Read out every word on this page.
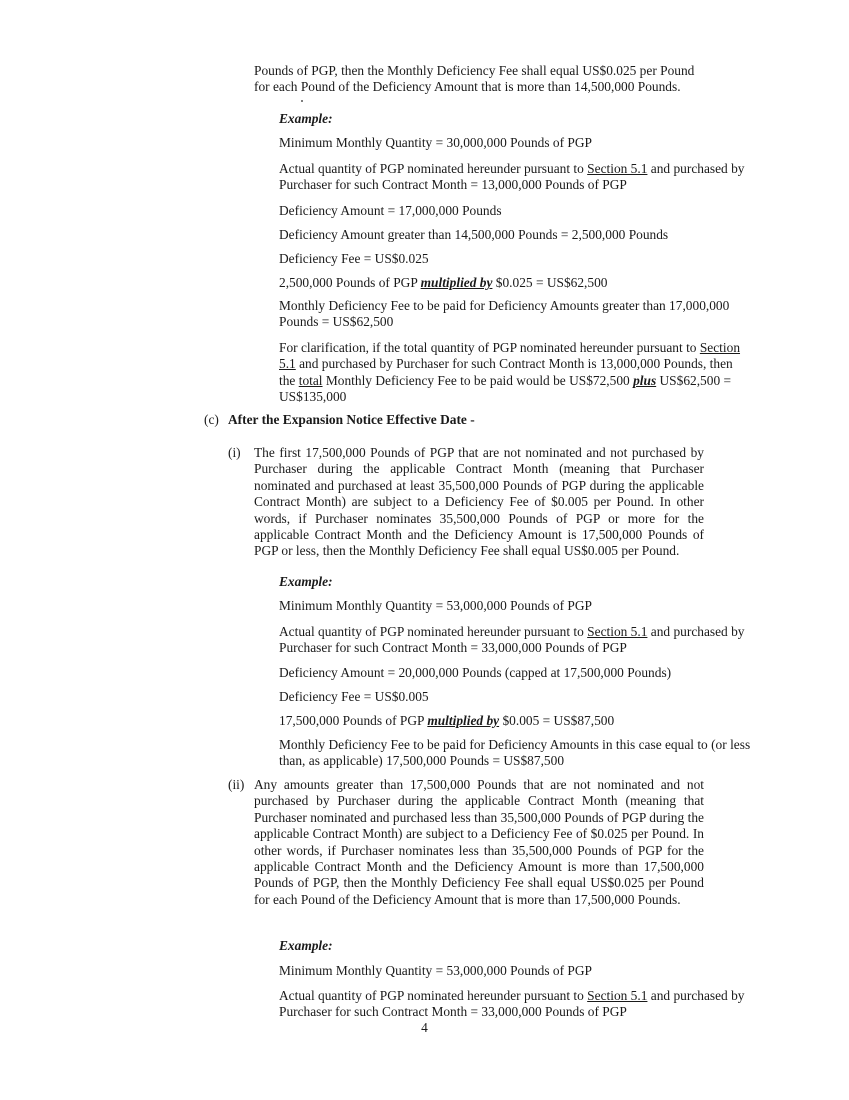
Pounds of PGP, then the Monthly Deficiency Fee shall equal US$0.025 per Pound

for each Pound of the Deficiency Amount that is more than 14,500,000 Pounds.

Example:
Minimum Monthly Quantity = 30,000,000 Pounds of PGP
Actual quantity of PGP nominated hereunder pursuant to Section 5.1 and purchased by Purchaser for such Contract Month = 13,000,000 Pounds of PGP
Deficiency Amount = 17,000,000 Pounds
Deficiency Amount greater than 14,500,000 Pounds = 2,500,000 Pounds
Deficiency Fee = US$0.025
2,500,000 Pounds of PGP multiplied by $0.025 = US$62,500
Monthly Deficiency Fee to be paid for Deficiency Amounts greater than 17,000,000 Pounds = US$62,500
For clarification, if the total quantity of PGP nominated hereunder pursuant to Section 5.1 and purchased by Purchaser for such Contract Month is 13,000,000 Pounds, then the total Monthly Deficiency Fee to be paid would be US$72,500 plus US$62,500 = US$135,000
(c) After the Expansion Notice Effective Date -
(i) The first 17,500,000 Pounds of PGP that are not nominated and not purchased by Purchaser during the applicable Contract Month (meaning that Purchaser nominated and purchased at least 35,500,000 Pounds of PGP during the applicable Contract Month) are subject to a Deficiency Fee of $0.005 per Pound. In other words, if Purchaser nominates 35,500,000 Pounds of PGP or more for the applicable Contract Month and the Deficiency Amount is 17,500,000 Pounds of PGP or less, then the Monthly Deficiency Fee shall equal US$0.005 per Pound.
Example:
Minimum Monthly Quantity = 53,000,000 Pounds of PGP
Actual quantity of PGP nominated hereunder pursuant to Section 5.1 and purchased by Purchaser for such Contract Month = 33,000,000 Pounds of PGP
Deficiency Amount = 20,000,000 Pounds (capped at 17,500,000 Pounds)
Deficiency Fee = US$0.005
17,500,000 Pounds of PGP multiplied by $0.005 = US$87,500
Monthly Deficiency Fee to be paid for Deficiency Amounts in this case equal to (or less than, as applicable) 17,500,000 Pounds = US$87,500
(ii) Any amounts greater than 17,500,000 Pounds that are not nominated and not purchased by Purchaser during the applicable Contract Month (meaning that Purchaser nominated and purchased less than 35,500,000 Pounds of PGP during the applicable Contract Month) are subject to a Deficiency Fee of $0.025 per Pound. In other words, if Purchaser nominates less than 35,500,000 Pounds of PGP for the applicable Contract Month and the Deficiency Amount is more than 17,500,000 Pounds of PGP, then the Monthly Deficiency Fee shall equal US$0.025 per Pound for each Pound of the Deficiency Amount that is more than 17,500,000 Pounds.
Example:
Minimum Monthly Quantity = 53,000,000 Pounds of PGP
Actual quantity of PGP nominated hereunder pursuant to Section 5.1 and purchased by Purchaser for such Contract Month = 33,000,000 Pounds of PGP
4
